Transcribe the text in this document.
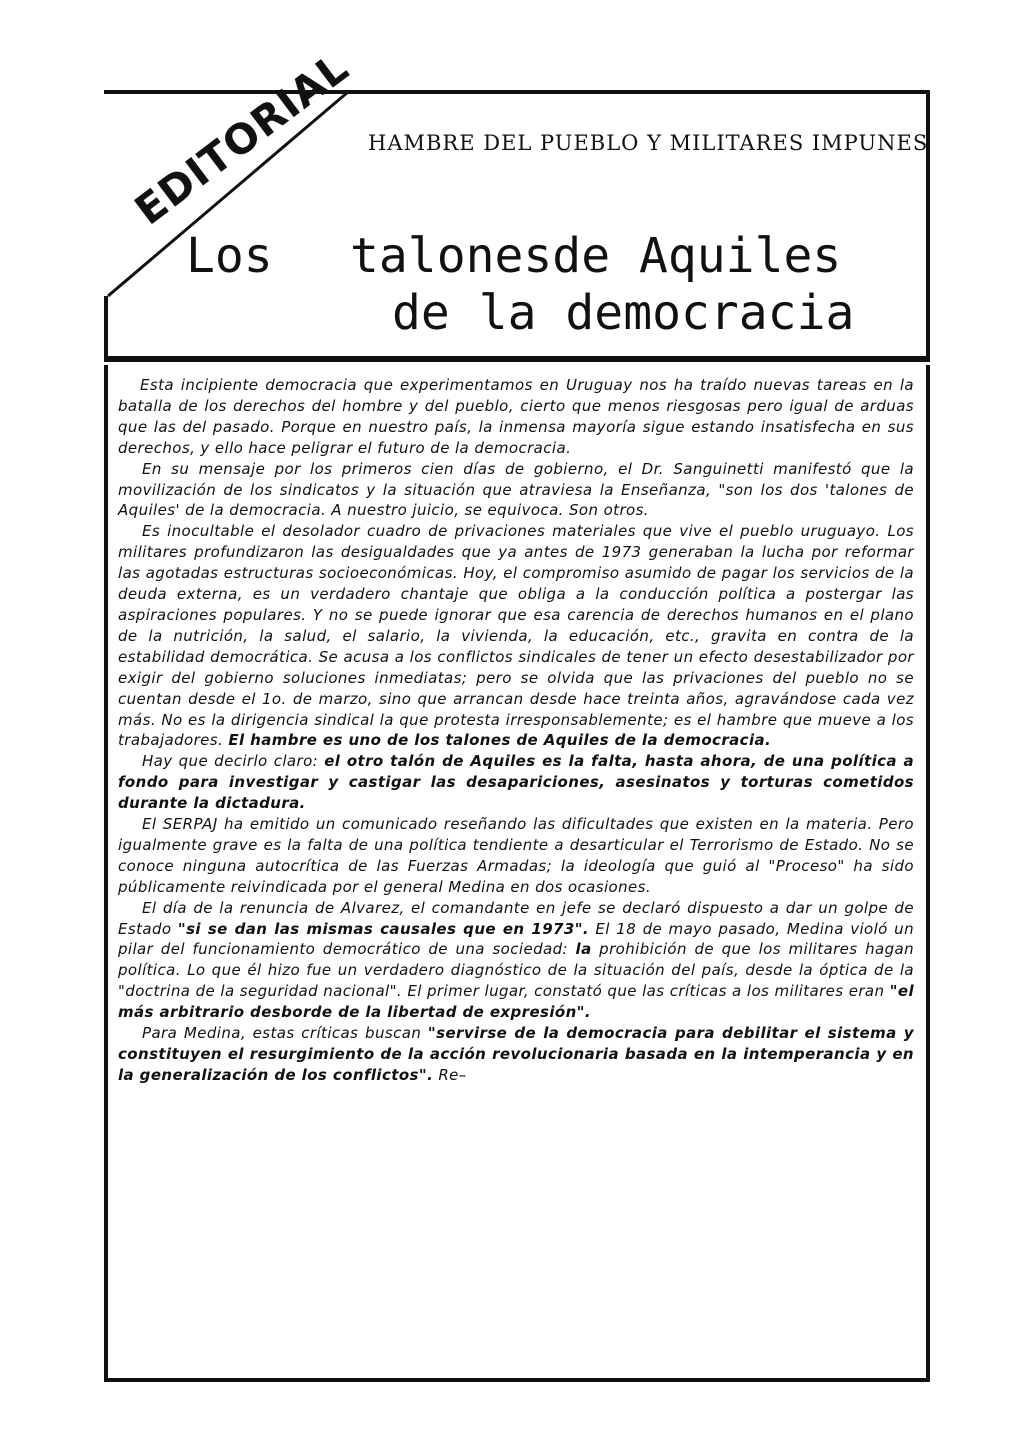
EDITORIAL HAMBRE DEL PUEBLO Y MILITARES IMPUNES
Los talonesde Aquiles
de la democracia

Esta incipiente democracia que experimentamos en Uruguay nos ha traído nuevas tareas en la batalla de los derechos del hombre y del pueblo, cierto que menos riesgosas pero igual de arduas que las del pasado. Porque en nuestro país, la inmensa mayoría sigue estando insatisfecha en sus derechos, y ello hace peligrar el futuro de la democracia.

En su mensaje por los primeros cien días de gobierno, el Dr. Sanguinetti manifestó que la movilización de los sindicatos y la situación que atraviesa la Enseñanza, "son los dos 'talones de Aquiles' de la democracia. A nuestro juicio, se equivoca. Son otros.

Es inocultable el desolador cuadro de privaciones materiales que vive el pueblo uruguayo. Los militares profundizaron las desigualdades que ya antes de 1973 generaban la lucha por reformar las agotadas estructuras socioeconómicas. Hoy, el compromiso asumido de pagar los servicios de la deuda externa, es un verdadero chantaje que obliga a la conducción política a postergar las aspiraciones populares. Y no se puede ignorar que esa carencia de derechos humanos en el plano de la nutrición, la salud, el salario, la vivienda, la educación, etc., gravita en contra de la estabilidad democrática. Se acusa a los conflictos sindicales de tener un efecto desestabilizador por exigir del gobierno soluciones inmediatas; pero se olvida que las privaciones del pueblo no se cuentan desde el 1o. de marzo, sino que arrancan desde hace treinta años, agravándose cada vez más. No es la dirigencia sindical la que protesta irresponsablemente; es el hambre que mueve a los trabajadores. El hambre es uno de los talones de Aquiles de la democracia.

Hay que decirlo claro: el otro talón de Aquiles es la falta, hasta ahora, de una política a fondo para investigar y castigar las desapariciones, asesinatos y torturas cometidos durante la dictadura.

El SERPAJ ha emitido un comunicado reseñando las dificultades que existen en la materia. Pero igualmente grave es la falta de una política tendiente a desarticular el Terrorismo de Estado. No se conoce ninguna autocrítica de las Fuerzas Armadas; la ideología que guió al "Proceso" ha sido públicamente reivindicada por el general Medina en dos ocasiones.

El día de la renuncia de Alvarez, el comandante en jefe se declaró dispuesto a dar un golpe de Estado "si se dan las mismas causales que en 1973". El 18 de mayo pasado, Medina violó un pilar del funcionamiento democrático de una sociedad: la prohibición de que los militares hagan política. Lo que él hizo fue un verdadero diagnóstico de la situación del país, desde la óptica de la "doctrina de la seguridad nacional". El primer lugar, constató que las críticas a los militares eran "el más arbitrario desborde de la libertad de expresión".

Para Medina, estas críticas buscan "servirse de la democracia para debilitar el sistema y constituyen el resurgimiento de la acción revolucionaria basada en la intemperancia y en la generalización de los conflictos". Re–
